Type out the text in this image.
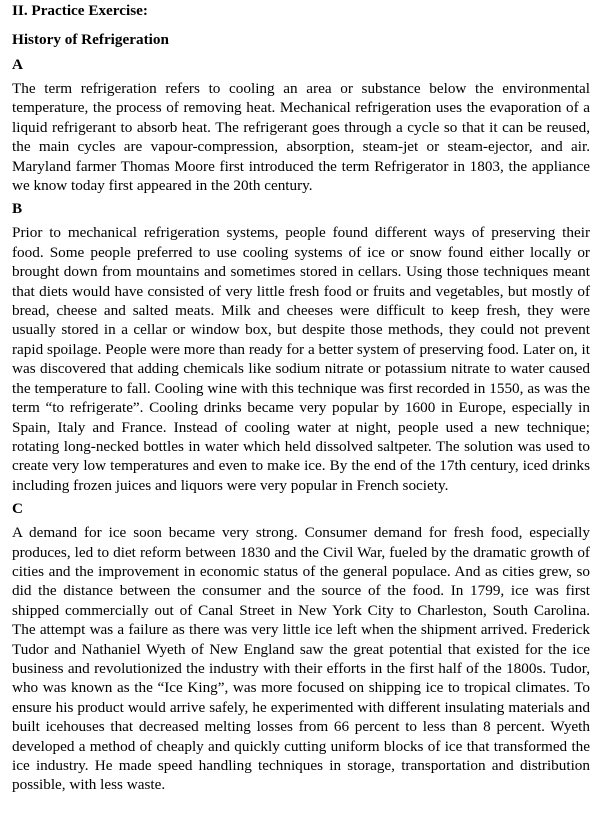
II. Practice Exercise:
History of Refrigeration
A

The term refrigeration refers to cooling an area or substance below the environmental temperature, the process of removing heat. Mechanical refrigeration uses the evaporation of a liquid refrigerant to absorb heat. The refrigerant goes through a cycle so that it can be reused, the main cycles are vapour-compression, absorption, steam-jet or steam-ejector, and air. Maryland farmer Thomas Moore first introduced the term Refrigerator in 1803, the appliance we know today first appeared in the 20th century.

B

Prior to mechanical refrigeration systems, people found different ways of preserving their food. Some people preferred to use cooling systems of ice or snow found either locally or brought down from mountains and sometimes stored in cellars. Using those techniques meant that diets would have consisted of very little fresh food or fruits and vegetables, but mostly of bread, cheese and salted meats. Milk and cheeses were difficult to keep fresh, they were usually stored in a cellar or window box, but despite those methods, they could not prevent rapid spoilage. People were more than ready for a better system of preserving food. Later on, it was discovered that adding chemicals like sodium nitrate or potassium nitrate to water caused the temperature to fall. Cooling wine with this technique was first recorded in 1550, as was the term “to refrigerate”. Cooling drinks became very popular by 1600 in Europe, especially in Spain, Italy and France. Instead of cooling water at night, people used a new technique; rotating long-necked bottles in water which held dissolved saltpeter. The solution was used to create very low temperatures and even to make ice. By the end of the 17th century, iced drinks including frozen juices and liquors were very popular in French society.

C

A demand for ice soon became very strong. Consumer demand for fresh food, especially produces, led to diet reform between 1830 and the Civil War, fueled by the dramatic growth of cities and the improvement in economic status of the general populace. And as cities grew, so did the distance between the consumer and the source of the food. In 1799, ice was first shipped commercially out of Canal Street in New York City to Charleston, South Carolina. The attempt was a failure as there was very little ice left when the shipment arrived. Frederick Tudor and Nathaniel Wyeth of New England saw the great potential that existed for the ice business and revolutionized the industry with their efforts in the first half of the 1800s. Tudor, who was known as the “Ice King”, was more focused on shipping ice to tropical climates. To ensure his product would arrive safely, he experimented with different insulating materials and built icehouses that decreased melting losses from 66 percent to less than 8 percent. Wyeth developed a method of cheaply and quickly cutting uniform blocks of ice that transformed the ice industry. He made speed handling techniques in storage, transportation and distribution possible, with less waste.
